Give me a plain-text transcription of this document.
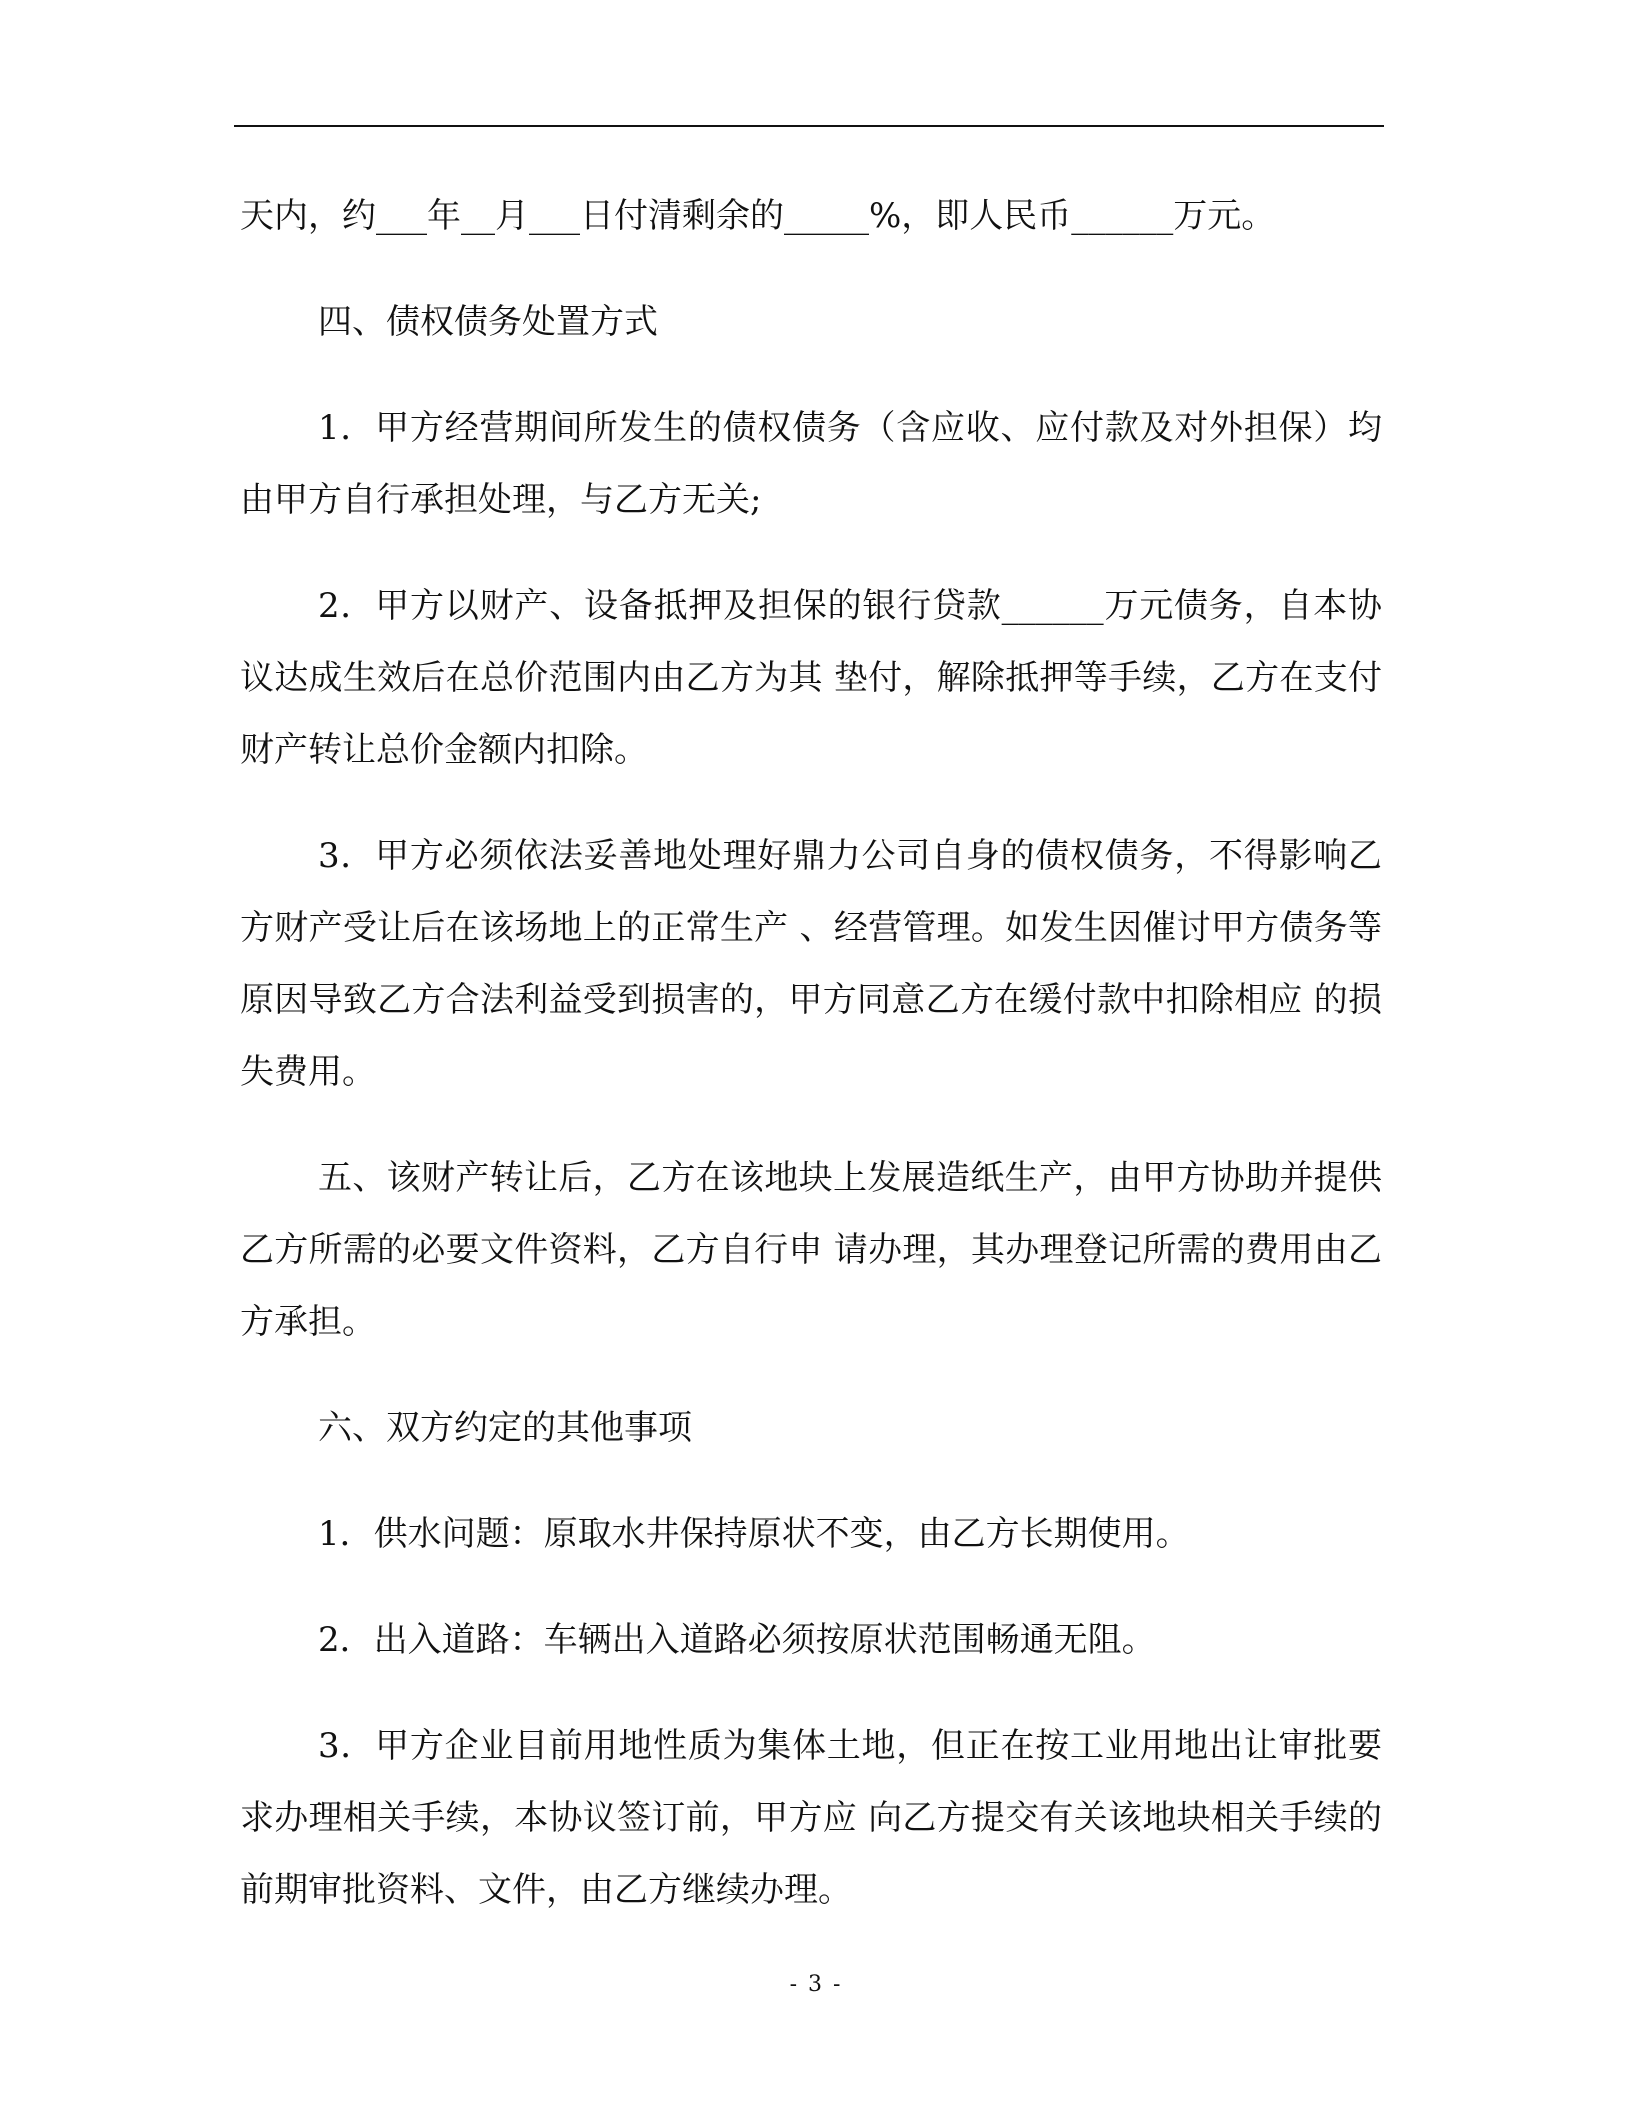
天内，约___年__月___日付清剩余的_____%，即人民币______万元。

四、债权债务处置方式

1．甲方经营期间所发生的债权债务（含应收、应付款及对外担保）均由甲方自行承担处理，与乙方无关;

2．甲方以财产、设备抵押及担保的银行贷款______万元债务，自本协议达成生效后在总价范围内由乙方为其 垫付，解除抵押等手续，乙方在支付财产转让总价金额内扣除。

3．甲方必须依法妥善地处理好鼎力公司自身的债权债务，不得影响乙方财产受让后在该场地上的正常生产 、经营管理。如发生因催讨甲方债务等原因导致乙方合法利益受到损害的，甲方同意乙方在缓付款中扣除相应 的损失费用。

五、该财产转让后，乙方在该地块上发展造纸生产，由甲方协助并提供乙方所需的必要文件资料，乙方自行申 请办理，其办理登记所需的费用由乙方承担。

六、双方约定的其他事项

1．供水问题：原取水井保持原状不变，由乙方长期使用。

2．出入道路：车辆出入道路必须按原状范围畅通无阻。

3．甲方企业目前用地性质为集体土地，但正在按工业用地出让审批要求办理相关手续，本协议签订前，甲方应 向乙方提交有关该地块相关手续的前期审批资料、文件，由乙方继续办理。

- 3 -
